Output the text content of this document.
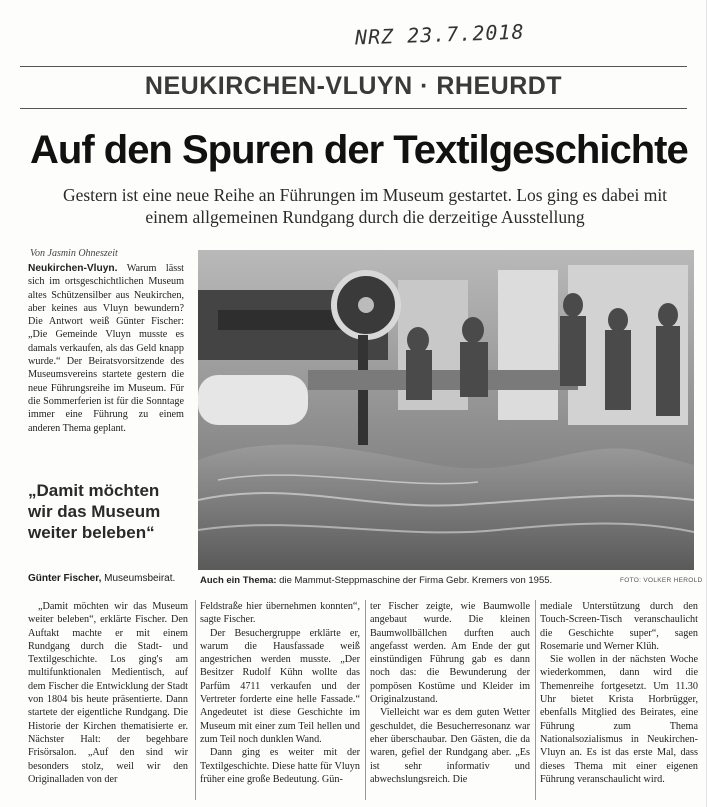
NRZ 23.7.2018
NEUKIRCHEN-VLUYN · RHEURDT
Auf den Spuren der Textilgeschichte
Gestern ist eine neue Reihe an Führungen im Museum gestartet. Los ging es dabei mit einem allgemeinen Rundgang durch die derzeitige Ausstellung
Von Jasmin Ohneszeit

Neukirchen-Vluyn. Warum lässt sich im ortsgeschichtlichen Museum altes Schützensilber aus Neukirchen, aber keines aus Vluyn bewundern? Die Antwort weiß Günter Fischer: „Die Gemeinde Vluyn musste es damals verkaufen, als das Geld knapp wurde.“ Der Beiratsvorsitzende des Museumsvereins startete gestern die neue Führungsreihe im Museum. Für die Sommerferien ist für die Sonntage immer eine Führung zu einem anderen Thema geplant.

„Damit möchten wir das Museum weiter beleben“
Günter Fischer, Museumsbeirat.	Auch ein Thema: die Mammut-Steppmaschine der Firma Gebr. Kremers von 1955.	FOTO: VOLKER HEROLD

„Damit möchten wir das Museum weiter beleben“, erklärte Fischer. Den Auftakt machte er mit einem Rundgang durch die Stadt- und Textilgeschichte. Los ging's am multifunktionalen Medientisch, auf dem Fischer die Entwicklung der Stadt von 1804 bis heute präsentierte. Dann startete der eigentliche Rundgang. Die Historie der Kirchen thematisierte er. Nächster Halt: der begehbare Frisörsalon. „Auf den sind wir besonders stolz, weil wir den Originalladen von der

Feldstraße hier übernehmen konnten“, sagte Fischer.

Der Besuchergruppe erklärte er, warum die Hausfassade weiß angestrichen werden musste. „Der Besitzer Rudolf Kühn wollte das Parfüm 4711 verkaufen und der Vertreter forderte eine helle Fassade.“ Angedeutet ist diese Geschichte im Museum mit einer zum Teil hellen und zum Teil noch dunklen Wand.

Dann ging es weiter mit der Textilgeschichte. Diese hatte für Vluyn früher eine große Bedeutung. Gün-

ter Fischer zeigte, wie Baumwolle angebaut wurde. Die kleinen Baumwollbällchen durften auch angefasst werden. Am Ende der gut einstündigen Führung gab es dann noch das: die Bewunderung der pompösen Kostüme und Kleider im Originalzustand.

Vielleicht war es dem guten Wetter geschuldet, die Besucherresonanz war eher überschaubar. Den Gästen, die da waren, gefiel der Rundgang aber. „Es ist sehr informativ und abwechslungsreich. Die

mediale Unterstützung durch den Touch-Screen-Tisch veranschaulicht die Geschichte super“, sagen Rosemarie und Werner Klüh.

Sie wollen in der nächsten Woche wiederkommen, dann wird die Themenreihe fortgesetzt. Um 11.30 Uhr bietet Krista Horbrügger, ebenfalls Mitglied des Beirates, eine Führung zum Thema Nationalsozialismus in Neukirchen-Vluyn an. Es ist das erste Mal, dass dieses Thema mit einer eigenen Führung veranschaulicht wird.
